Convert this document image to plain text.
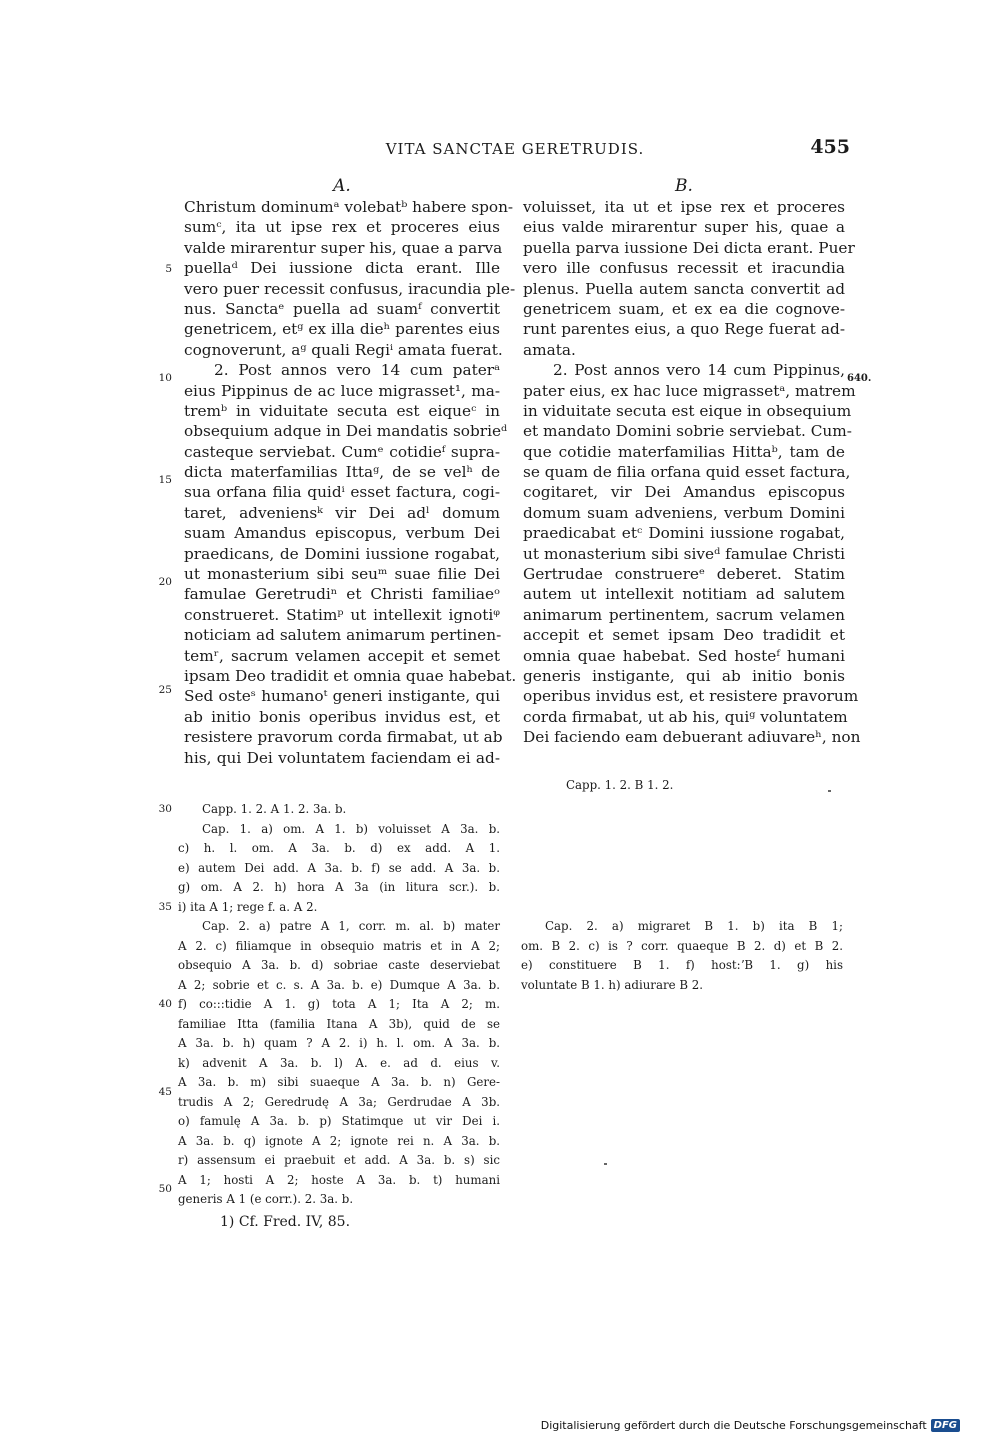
VITA SANCTAE GERETRUDIS.	455
A.	B.
Christum dominumᵃ volebatᵇ habere spon-
sumᶜ, ita ut ipse rex et proceres eius
valde mirarentur super his, quae a parva
puellaᵈ Dei iussione dicta erant. Ille
vero puer recessit confusus, iracundia ple-
nus. Sanctaᵉ puella ad suamᶠ convertit
genetricem, etᵍ ex illa dieʰ parentes eius
cognoverunt, aᵍ quali Regiⁱ amata fuerat.
2. Post annos vero 14 cum paterᵃ
eius Pippinus de ac luce migrasset¹, ma-
tremᵇ in viduitate secuta est eiqueᶜ in
obsequium adque in Dei mandatis sobrieᵈ
casteque serviebat. Cumᵉ cotidieᶠ supra-
dicta materfamilias Ittaᵍ, de se velʰ de
sua orfana filia quidⁱ esset factura, cogi-
taret, adveniensᵏ vir Dei adˡ domum
suam Amandus episcopus, verbum Dei
praedicans, de Domini iussione rogabat,
ut monasterium sibi seuᵐ suae filie Dei
famulae Geretrudiⁿ et Christi familiaeᵒ
construeret. Statimᵖ ut intellexit ignotiᵠ
noticiam ad salutem animarum pertinen-
temʳ, sacrum velamen accepit et semet
ipsam Deo tradidit et omnia quae habebat.
Sed osteˢ humanoᵗ generi instigante, qui
ab initio bonis operibus invidus est, et
resistere pravorum corda firmabat, ut ab
his, qui Dei voluntatem faciendam ei ad-
5
10
15
20
25
voluisset, ita ut et ipse rex et proceres
eius valde mirarentur super his, quae a
puella parva iussione Dei dicta erant. Puer
vero ille confusus recessit et iracundia
plenus. Puella autem sancta convertit ad
genetricem suam, et ex ea die cognove-
runt parentes eius, a quo Rege fuerat ad-
amata.
2. Post annos vero 14 cum Pippinus,
pater eius, ex hac luce migrassetᵃ, matrem
in viduitate secuta est eique in obsequium
et mandato Domini sobrie serviebat. Cum-
que cotidie materfamilias Hittaᵇ, tam de
se quam de filia orfana quid esset factura,
cogitaret, vir Dei Amandus episcopus
domum suam adveniens, verbum Domini
praedicabat etᶜ Domini iussione rogabat,
ut monasterium sibi siveᵈ famulae Christi
Gertrudae construereᵉ deberet. Statim
autem ut intellexit notitiam ad salutem
animarum pertinentem, sacrum velamen
accepit et semet ipsam Deo tradidit et
omnia quae habebat. Sed hosteᶠ humani
generis instigante, qui ab initio bonis
operibus invidus est, et resistere pravorum
corda firmabat, ut ab his, quiᵍ voluntatem
Dei faciendo eam debuerant adiuvareʰ, non
640.
Capp. 1. 2. A 1. 2. 3a. b.
Cap. 1. a) om. A 1. b) voluisset A 3a. b.
c) h. l. om. A 3a. b. d) ex add. A 1.
e) autem Dei add. A 3a. b. f) se add. A 3a. b.
g) om. A 2. h) hora A 3a (in litura scr.). b.
i) ita A 1; rege f. a. A 2.
Cap. 2. a) patre A 1, corr. m. al. b) mater
A 2. c) filiamque in obsequio matris et in A 2;
obsequio A 3a. b. d) sobriae caste deserviebat
A 2; sobrie et c. s. A 3a. b. e) Dumque A 3a. b.
f) co:::tidie A 1. g) tota A 1; Ita A 2; m.
familiae Itta (familia Itana A 3b), quid de se
A 3a. b. h) quam ? A 2. i) h. l. om. A 3a. b.
k) advenit A 3a. b. l) A. e. ad d. eius v.
A 3a. b. m) sibi suaeque A 3a. b. n) Gere-
trudis A 2; Geredrudę A 3a; Gerdrudae A 3b.
o) famulę A 3a. b. p) Statimque ut vir Dei i.
A 3a. b. q) ignote A 2; ignote rei n. A 3a. b.
r) assensum ei praebuit et add. A 3a. b. s) sic
A 1; hosti A 2; hoste A 3a. b. t) humani
generis A 1 (e corr.). 2. 3a. b.
30
35
40
45
50
Capp. 1. 2. B 1. 2.
Cap. 2. a) migraret B 1. b) ita B 1;
om. B 2. c) is ? corr. quaeque B 2. d) et B 2.
e) constituere B 1. f) host:ʼB 1. g) his
voluntate B 1. h) adiurare B 2.
1) Cf. Fred. IV, 85.
Digitalisierung gefördert durch die Deutsche Forschungsgemeinschaft DFG
